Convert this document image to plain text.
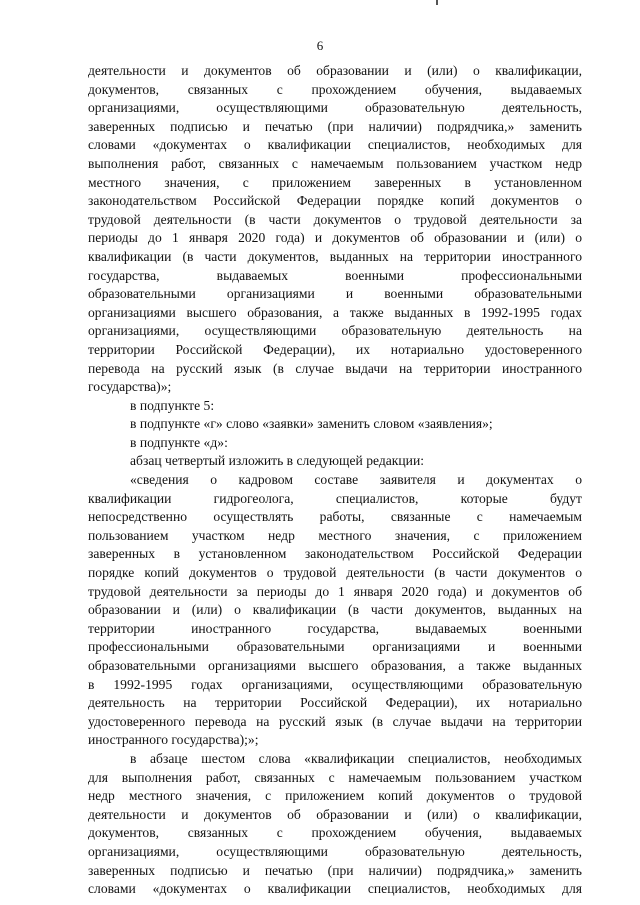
6
деятельности и документов об образовании и (или) о квалификации,
документов, связанных с прохождением обучения, выдаваемых
организациями, осуществляющими образовательную деятельность,
заверенных подписью и печатью (при наличии) подрядчика,» заменить
словами «документах о квалификации специалистов, необходимых для
выполнения работ, связанных с намечаемым пользованием участком недр
местного значения, с приложением заверенных в установленном
законодательством Российской Федерации порядке копий документов о
трудовой деятельности (в части документов о трудовой деятельности за
периоды до 1 января 2020 года) и документов об образовании и (или) о
квалификации (в части документов, выданных на территории иностранного
государства, выдаваемых военными профессиональными
образовательными организациями и военными образовательными
организациями высшего образования, а также выданных в 1992-1995 годах
организациями, осуществляющими образовательную деятельность на
территории Российской Федерации), их нотариально удостоверенного
перевода на русский язык (в случае выдачи на территории иностранного
государства)»;
в подпункте 5:
в подпункте «г» слово «заявки» заменить словом «заявления»;
в подпункте «д»:
абзац четвертый изложить в следующей редакции:
«сведения о кадровом составе заявителя и документах о
квалификации гидрогеолога, специалистов, которые будут
непосредственно осуществлять работы, связанные с намечаемым
пользованием участком недр местного значения, с приложением
заверенных в установленном законодательством Российской Федерации
порядке копий документов о трудовой деятельности (в части документов о
трудовой деятельности за периоды до 1 января 2020 года) и документов об
образовании и (или) о квалификации (в части документов, выданных на
территории иностранного государства, выдаваемых военными
профессиональными образовательными организациями и военными
образовательными организациями высшего образования, а также выданных
в 1992-1995 годах организациями, осуществляющими образовательную
деятельность на территории Российской Федерации), их нотариально
удостоверенного перевода на русский язык (в случае выдачи на территории
иностранного государства);»;
в абзаце шестом слова «квалификации специалистов, необходимых
для выполнения работ, связанных с намечаемым пользованием участком
недр местного значения, с приложением копий документов о трудовой
деятельности и документов об образовании и (или) о квалификации,
документов, связанных с прохождением обучения, выдаваемых
организациями, осуществляющими образовательную деятельность,
заверенных подписью и печатью (при наличии) подрядчика,» заменить
словами «документах о квалификации специалистов, необходимых для
